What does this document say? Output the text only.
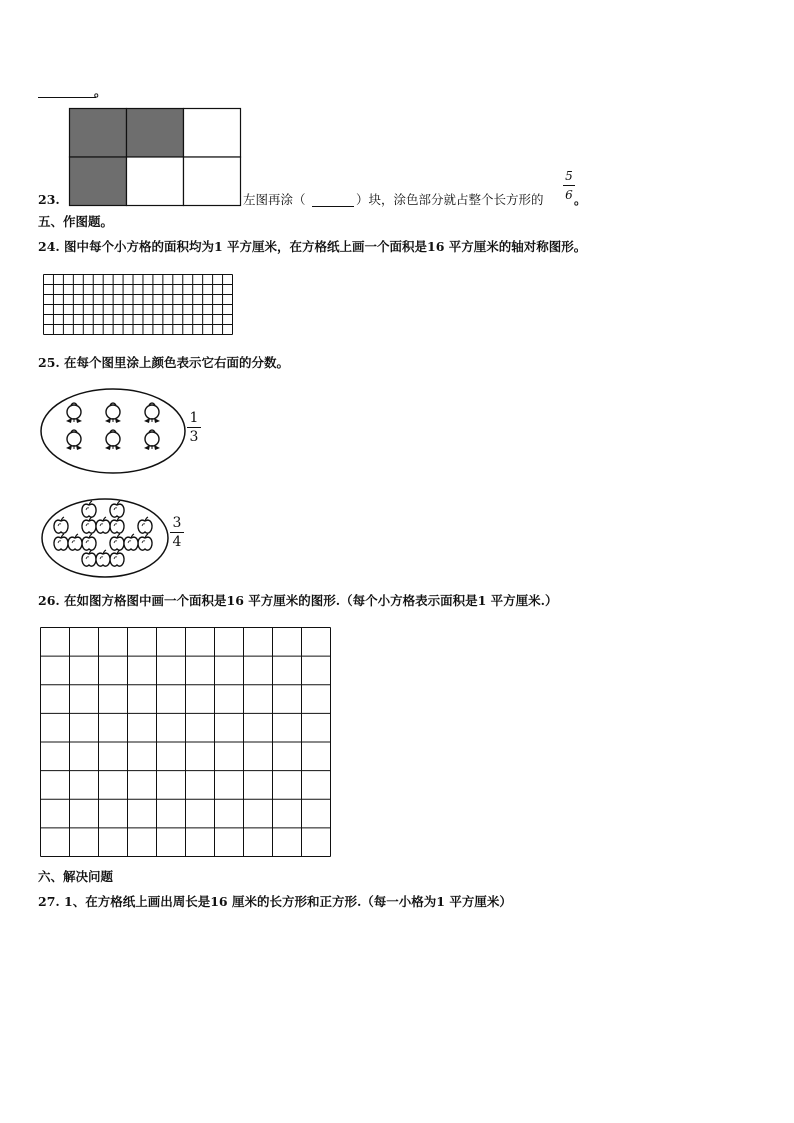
。
23.	左图再涂（	）块，涂色部分就占整个长方形的
5
6 。
五、作图题。
24. 图中每个小方格的面积均为1 平方厘米，在方格纸上画一个面积是16 平方厘米的轴对称图形。
25. 在每个图里涂上颜色表示它右面的分数。
1
3
3
4
26. 在如图方格图中画一个面积是16 平方厘米的图形.（每个小方格表示面积是1 平方厘米.）
六、解决问题
27. 1、在方格纸上画出周长是16 厘米的长方形和正方形.（每一小格为1 平方厘米）
